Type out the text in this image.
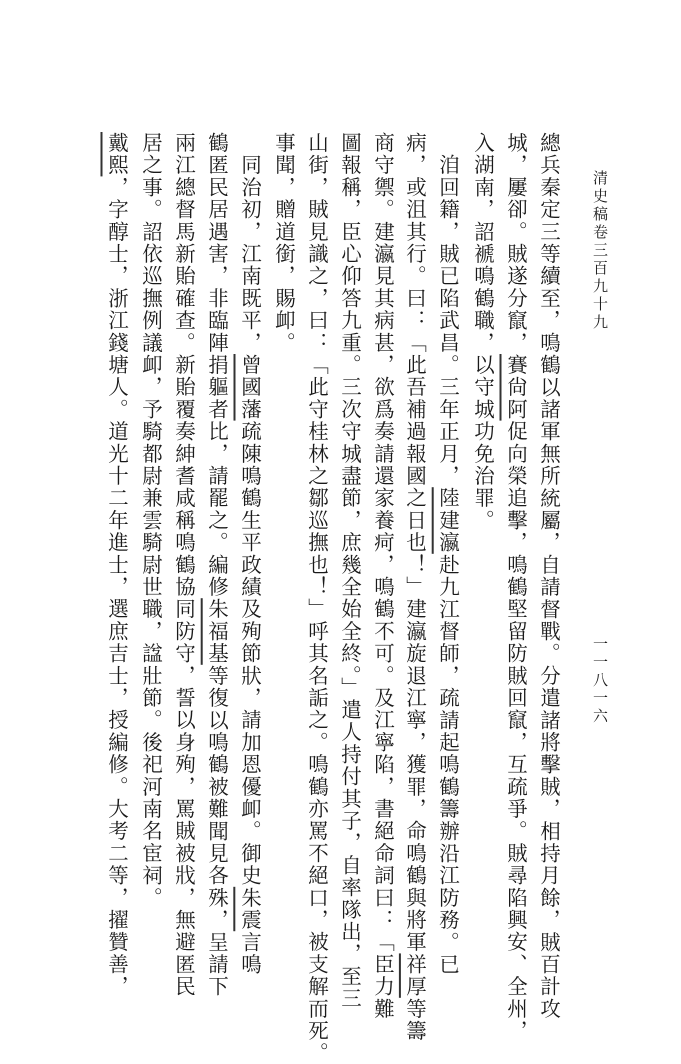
清史稿卷三百九十九
一一八一六
總兵秦定三等續至，鳴鶴以諸軍無所統屬，自請督戰。分遣諸將擊賊，相持月餘，賊百計攻
城，屢卻。賊遂分竄，賽尙阿促向榮追擊，鳴鶴堅留防賊回竄，互疏爭。賊尋陷興安、全州，
入湖南，詔褫鳴鶴職，以守城功免治罪。
　洎回籍，賊已陷武昌。三年正月，陸建瀛赴九江督師，疏請起鳴鶴籌辦沿江防務。已
病，或沮其行。曰：「此吾補過報國之日也！」建瀛旋退江寧，獲罪，命鳴鶴與將軍祥厚等籌
商守禦。建瀛見其病甚，欲爲奏請還家養疴，鳴鶴不可。及江寧陷，書絕命詞曰：「臣力難
圖報稱，臣心仰答九重。三次守城盡節，庶幾全始全終。」遣人持付其子，自率隊出，至三
山街，賊見識之，曰：「此守桂林之鄒巡撫也！」呼其名詬之。鳴鶴亦罵不絕口，被支解而死。
事聞，贈道銜，賜卹。
　同治初，江南既平，曾國藩疏陳鳴鶴生平政績及殉節狀，請加恩優卹。御史朱震言鳴
鶴匿民居遇害，非臨陣捐軀者比，請罷之。編修朱福基等復以鳴鶴被難聞見各殊，呈請下
兩江總督馬新貽確查。新貽覆奏紳耆咸稱鳴鶴協同防守，誓以身殉，罵賊被戕，無避匿民
居之事。詔依巡撫例議卹，予騎都尉兼雲騎尉世職，諡壯節。後祀河南名宦祠。
戴熙，字醇士，浙江錢塘人。道光十二年進士，選庶吉士，授編修。大考二等，擢贊善，
